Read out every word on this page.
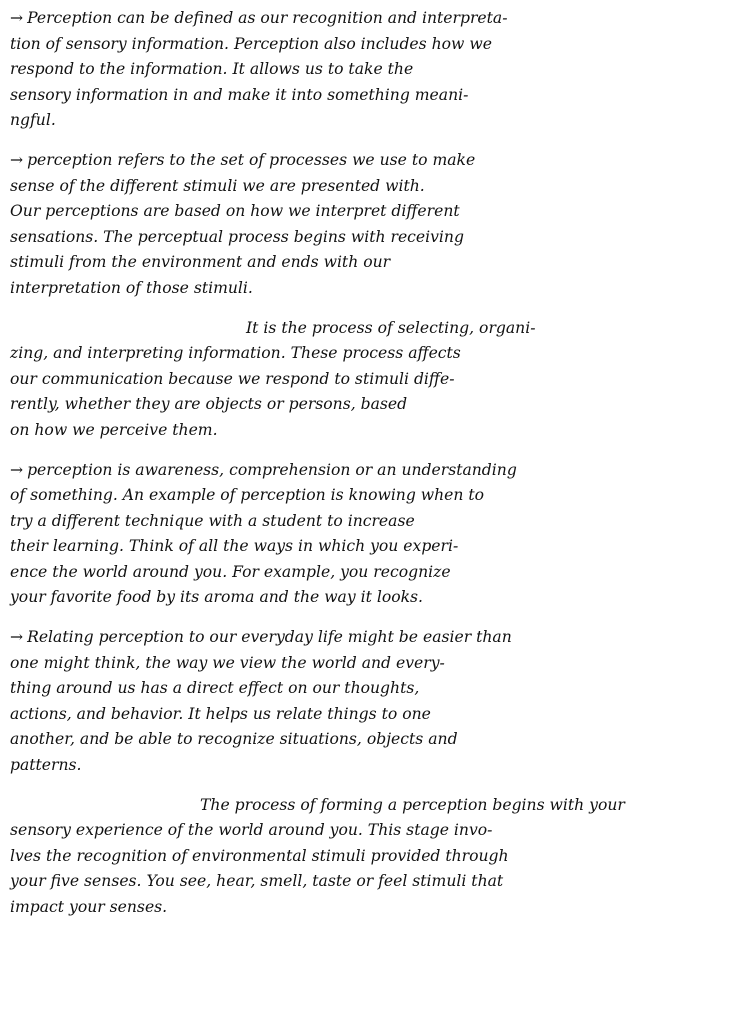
→ Perception can be defined as our recognition and interpreta-
tion of sensory information. Perception also includes how we
respond to the information. It allows us to take the
sensory information in and make it into something meani-
ngful.
→ perception refers to the set of processes we use to make
sense of the different stimuli we are presented with.
Our perceptions are based on how we interpret different
sensations. The perceptual process begins with receiving
stimuli from the environment and ends with our
interpretation of those stimuli.
It is the process of selecting, organi-
zing, and interpreting information. These process affects
our communication because we respond to stimuli diffe-
rently, whether they are objects or persons, based
on how we perceive them.
→ perception is awareness, comprehension or an understanding
of something. An example of perception is knowing when to
try a different technique with a student to increase
their learning. Think of all the ways in which you experi-
ence the world around you. For example, you recognize
your favorite food by its aroma and the way it looks.
→ Relating perception to our everyday life might be easier than
one might think, the way we view the world and every-
thing around us has a direct effect on our thoughts,
actions, and behavior. It helps us relate things to one
another, and be able to recognize situations, objects and
patterns.
The process of forming a perception begins with your
sensory experience of the world around you. This stage invo-
lves the recognition of environmental stimuli provided through
your five senses. You see, hear, smell, taste or feel stimuli that
impact your senses.
